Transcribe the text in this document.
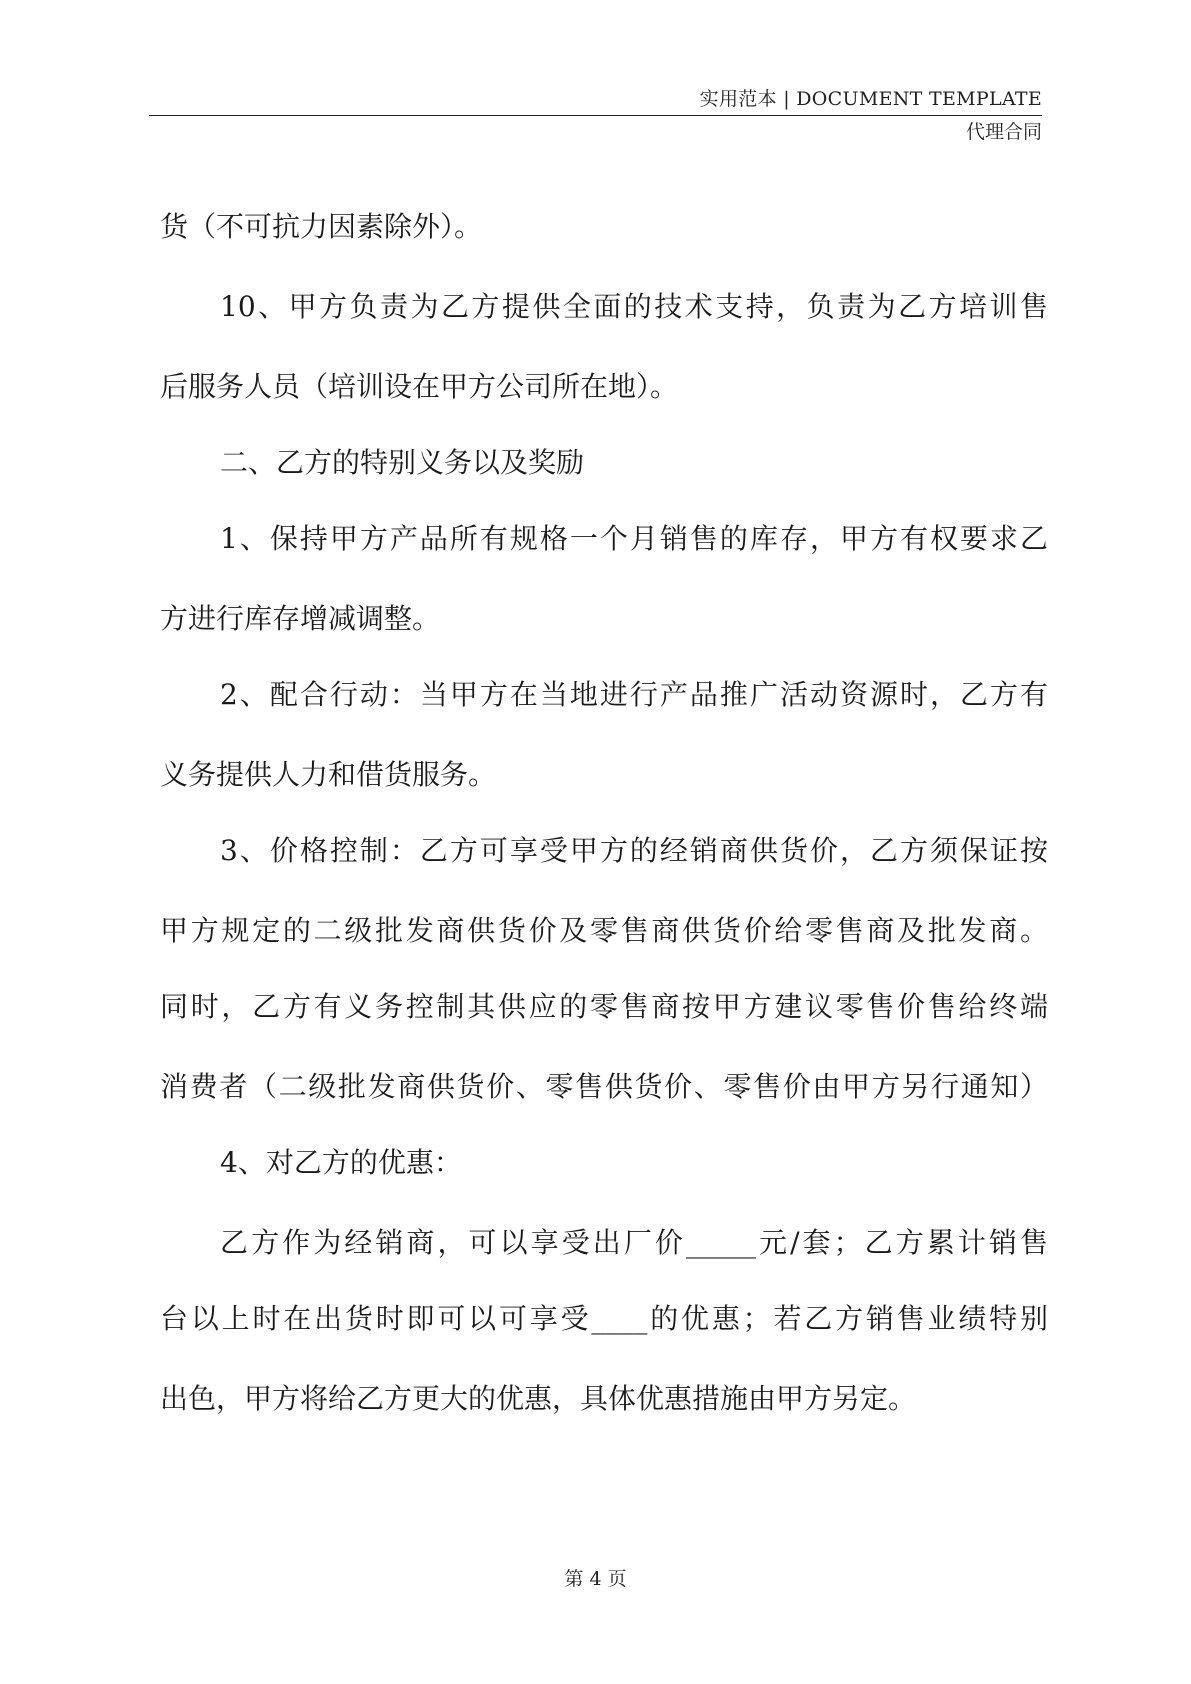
实用范本 | DOCUMENT TEMPLATE
代理合同
货（不可抗力因素除外）。
10、甲方负责为乙方提供全面的技术支持，负责为乙方培训售
后服务人员（培训设在甲方公司所在地）。
二、乙方的特别义务以及奖励
1、保持甲方产品所有规格一个月销售的库存，甲方有权要求乙
方进行库存增减调整。
2、配合行动：当甲方在当地进行产品推广活动资源时，乙方有
义务提供人力和借货服务。
3、价格控制：乙方可享受甲方的经销商供货价，乙方须保证按
甲方规定的二级批发商供货价及零售商供货价给零售商及批发商。
同时，乙方有义务控制其供应的零售商按甲方建议零售价售给终端
消费者（二级批发商供货价、零售供货价、零售价由甲方另行通知）
4、对乙方的优惠：
乙方作为经销商，可以享受出厂价_____元/套；乙方累计销售
台以上时在出货时即可以可享受____的优惠；若乙方销售业绩特别
出色，甲方将给乙方更大的优惠，具体优惠措施由甲方另定。
第 4 页
